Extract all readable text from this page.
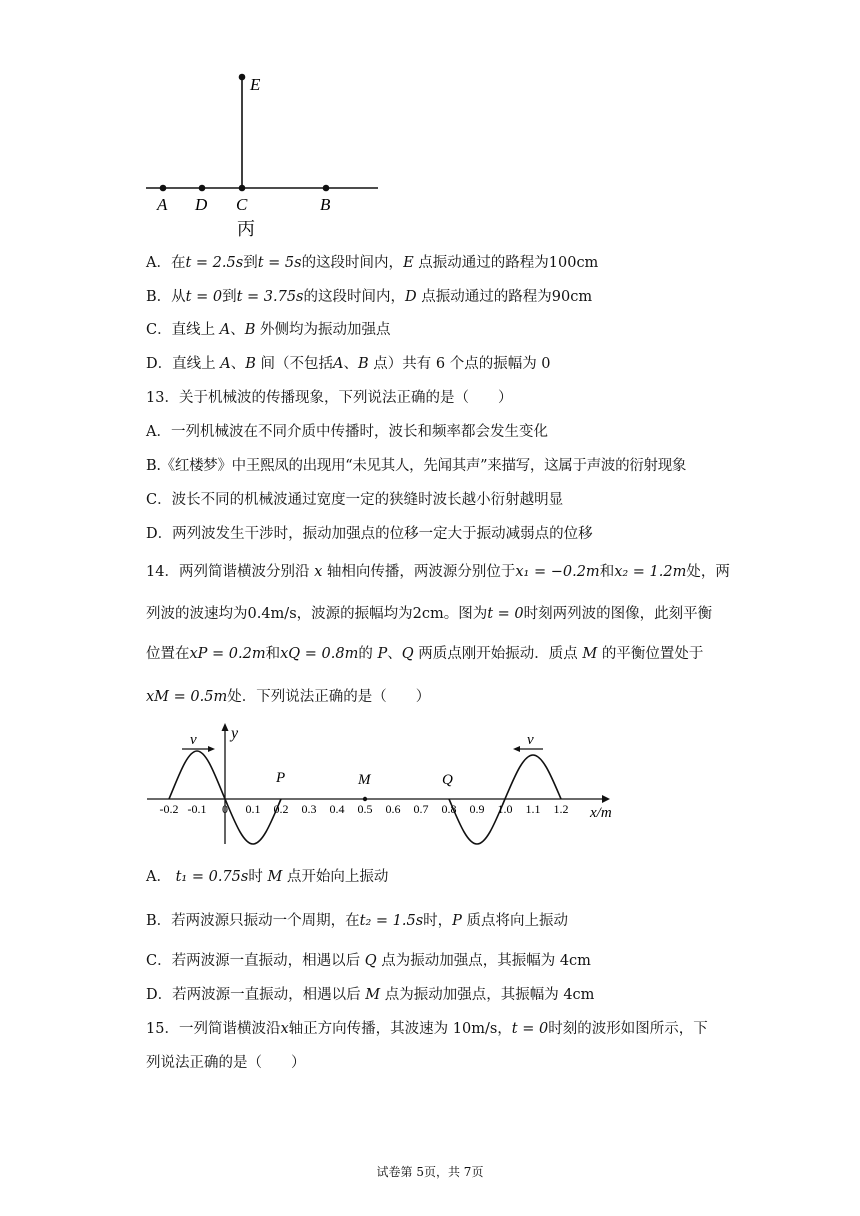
A D C	B
E
丙
A．在t = 2.5s到t = 5s的这段时间内，E 点振动通过的路程为100cm
B．从t = 0到t = 3.75s的这段时间内，D 点振动通过的路程为90cm
C．直线上 A、B 外侧均为振动加强点
D．直线上 A、B 间（不包括A、B 点）共有 6 个点的振幅为 0
13．关于机械波的传播现象，下列说法正确的是（　　）
A．一列机械波在不同介质中传播时，波长和频率都会发生变化
B.《红楼梦》中王熙凤的出现用“未见其人，先闻其声”来描写，这属于声波的衍射现象
C．波长不同的机械波通过宽度一定的狭缝时波长越小衍射越明显
D．两列波发生干涉时，振动加强点的位移一定大于振动减弱点的位移
14．两列简谐横波分别沿 x 轴相向传播，两波源分别位于x₁ = −0.2m和x₂ = 1.2m处，两
列波的波速均为0.4m/s，波源的振幅均为2cm。图为t = 0时刻两列波的图像，此刻平衡
位置在xP = 0.2m和xQ = 0.8m的 P、Q 两质点刚开始振动．质点 M 的平衡位置处于
xM = 0.5m处．下列说法正确的是（　　）
y
x/m
v	v
P	M	Q
-0.2 -0.1 0 0.1 0.2 0.3 0.4 0.5 0.6 0.7 0.8 0.9 1.0 1.1 1.2
A． t₁ = 0.75s时 M 点开始向上振动
B．若两波源只振动一个周期，在t₂ = 1.5s时，P 质点将向上振动
C．若两波源一直振动，相遇以后 Q 点为振动加强点，其振幅为 4cm
D．若两波源一直振动，相遇以后 M 点为振动加强点，其振幅为 4cm
15．一列简谐横波沿x轴正方向传播，其波速为 10m/s，t = 0时刻的波形如图所示，下
列说法正确的是（　　）
试卷第 5页，共 7页
